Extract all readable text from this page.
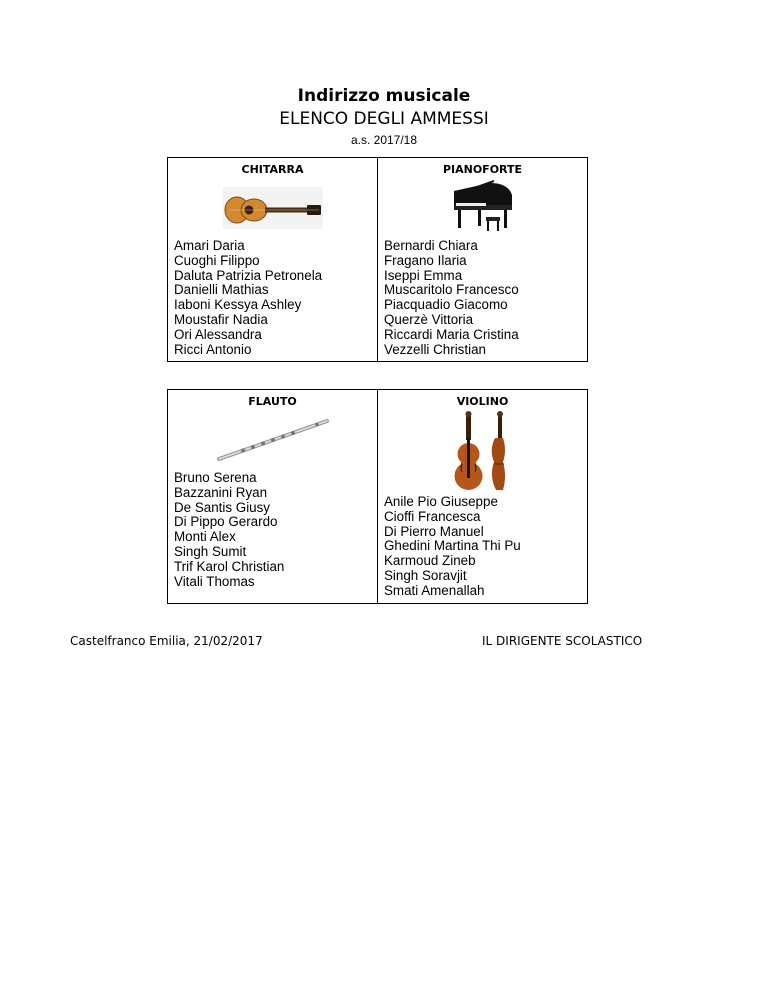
Indirizzo musicale
ELENCO DEGLI AMMESSI
a.s. 2017/18
CHITARRA
Amari Daria
Cuoghi Filippo
Daluta Patrizia Petronela
Danielli Mathias
Iaboni Kessya Ashley
Moustafir Nadia
Ori Alessandra
Ricci Antonio

PIANOFORTE
Bernardi Chiara
Fragano Ilaria
Iseppi Emma
Muscaritolo Francesco
Piacquadio Giacomo
Querzè Vittoria
Riccardi Maria Cristina
Vezzelli Christian
FLAUTO
Bruno Serena
Bazzanini Ryan
De Santis Giusy
Di Pippo Gerardo
Monti Alex
Singh Sumit
Trif Karol Christian
Vitali Thomas

VIOLINO
Anile Pio Giuseppe
Cioffi Francesca
Di Pierro Manuel
Ghedini Martina Thi Pu
Karmoud Zineb
Singh Soravjit
Smati Amenallah
Castelfranco Emilia, 21/02/2017	IL DIRIGENTE SCOLASTICO
